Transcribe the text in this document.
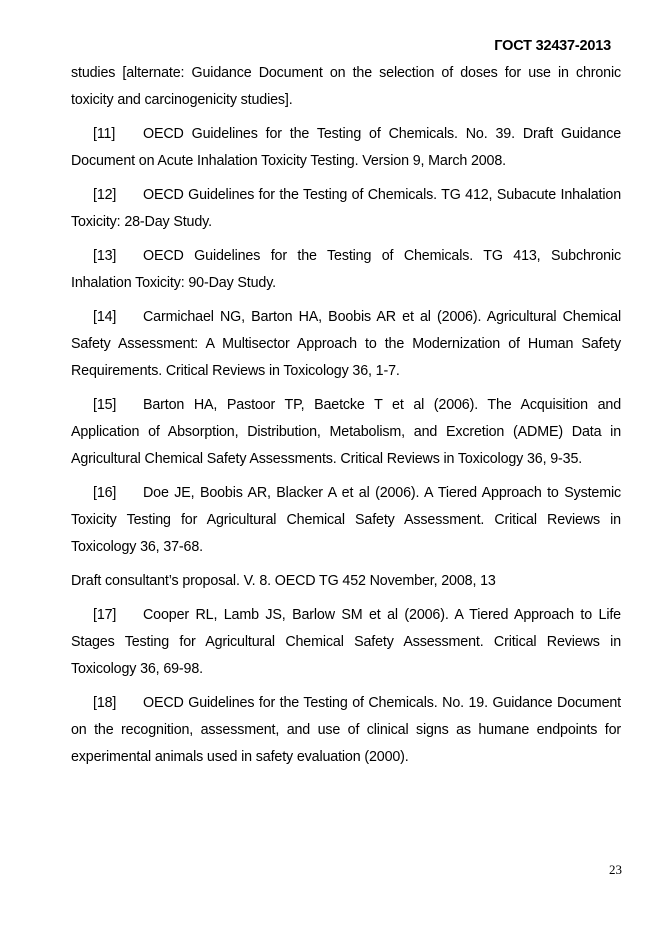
ГОСТ 32437-2013

studies [alternate: Guidance Document on the selection of doses for use in chronic toxicity and carcinogenicity studies].

[11] OECD Guidelines for the Testing of Chemicals. No. 39. Draft Guidance Document on Acute Inhalation Toxicity Testing. Version 9, March 2008.

[12] OECD Guidelines for the Testing of Chemicals. TG 412, Subacute Inhalation Toxicity: 28-Day Study.

[13] OECD Guidelines for the Testing of Chemicals. TG 413, Subchronic Inhalation Toxicity: 90-Day Study.

[14] Carmichael NG, Barton HA, Boobis AR et al (2006). Agricultural Chemical Safety Assessment: A Multisector Approach to the Modernization of Human Safety Requirements. Critical Reviews in Toxicology 36, 1-7.

[15] Barton HA, Pastoor TP, Baetcke T et al (2006). The Acquisition and Application of Absorption, Distribution, Metabolism, and Excretion (ADME) Data in Agricultural Chemical Safety Assessments. Critical Reviews in Toxicology 36, 9-35.

[16] Doe JE, Boobis AR, Blacker A et al (2006). A Tiered Approach to Systemic Toxicity Testing for Agricultural Chemical Safety Assessment. Critical Reviews in Toxicology 36, 37-68.

Draft consultant’s proposal. V. 8. OECD TG 452 November, 2008, 13

[17] Cooper RL, Lamb JS, Barlow SM et al (2006). A Tiered Approach to Life Stages Testing for Agricultural Chemical Safety Assessment. Critical Reviews in Toxicology 36, 69-98.

[18] OECD Guidelines for the Testing of Chemicals. No. 19. Guidance Document on the recognition, assessment, and use of clinical signs as humane endpoints for experimental animals used in safety evaluation (2000).

23
